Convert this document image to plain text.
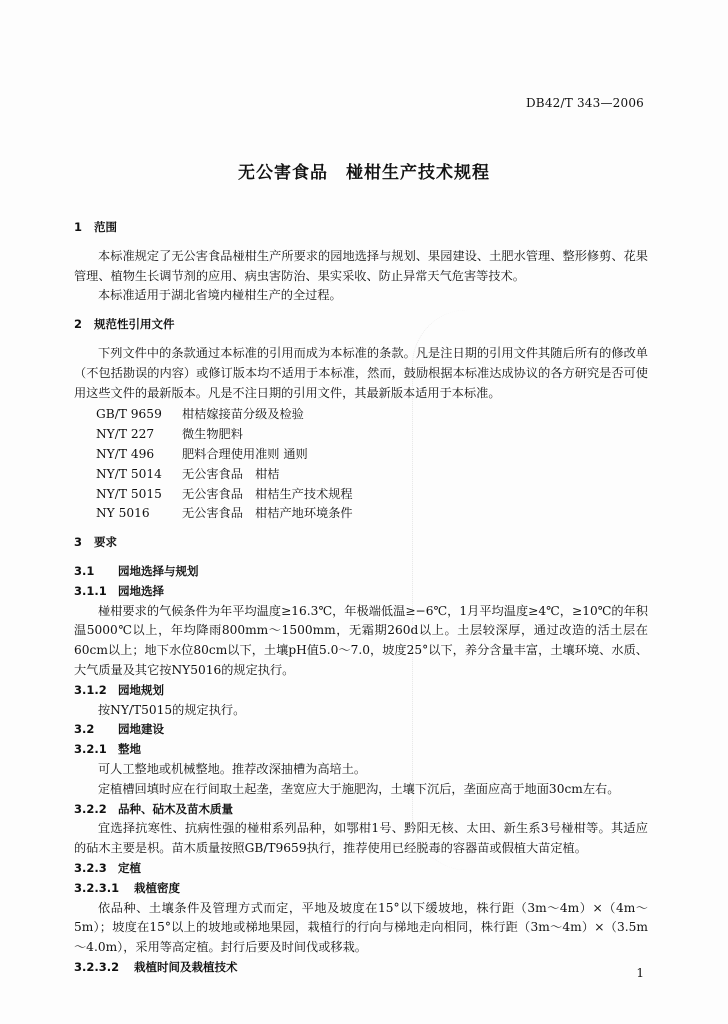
DB42/T 343—2006
无公害食品　椪柑生产技术规程
1 范围

本标准规定了无公害食品椪柑生产所要求的园地选择与规划、果园建设、土肥水管理、整形修剪、花果管理、植物生长调节剂的应用、病虫害防治、果实采收、防止异常天气危害等技术。

本标准适用于湖北省境内椪柑生产的全过程。

2 规范性引用文件

下列文件中的条款通过本标准的引用而成为本标准的条款。凡是注日期的引用文件其随后所有的修改单（不包括勘误的内容）或修订版本均不适用于本标准，然而，鼓励根据本标准达成协议的各方研究是否可使用这些文件的最新版本。凡是不注日期的引用文件，其最新版本适用于本标准。

GB/T 9659 柑桔嫁接苗分级及检验

NY/T 227 微生物肥料

NY/T 496 肥料合理使用准则 通则

NY/T 5014 无公害食品　柑桔

NY/T 5015 无公害食品　柑桔生产技术规程

NY 5016	无公害食品　柑桔产地环境条件

3 要求
3.1 园地选择与规划
3.1.1 园地选择

椪柑要求的气候条件为年平均温度≥16.3℃，年极端低温≥−6℃，1月平均温度≥4℃，≥10℃的年积温5000℃以上，年均降雨800mm～1500mm，无霜期260d以上。土层较深厚，通过改造的活土层在60cm以上；地下水位80cm以下，土壤pH值5.0～7.0，坡度25°以下，养分含量丰富，土壤环境、水质、大气质量及其它按NY5016的规定执行。

3.1.2 园地规划

按NY/T5015的规定执行。

3.2 园地建设
3.2.1 整地

可人工整地或机械整地。推荐改深抽槽为高培土。

定植槽回填时应在行间取土起垄，垄宽应大于施肥沟，土壤下沉后，垄面应高于地面30cm左右。

3.2.2 品种、砧木及苗木质量

宜选择抗寒性、抗病性强的椪柑系列品种，如鄂柑1号、黔阳无核、太田、新生系3号椪柑等。其适应的砧木主要是枳。苗木质量按照GB/T9659执行，推荐使用已经脱毒的容器苗或假植大苗定植。

3.2.3 定植
3.2.3.1 栽植密度

依品种、土壤条件及管理方式而定，平地及坡度在15°以下缓坡地，株行距（3m～4m）×（4m～5m）；坡度在15°以上的坡地或梯地果园，栽植行的行向与梯地走向相同，株行距（3m～4m）×（3.5m～4.0m），采用等高定植。封行后要及时间伐或移栽。

3.2.3.2 栽植时间及栽植技术	1
